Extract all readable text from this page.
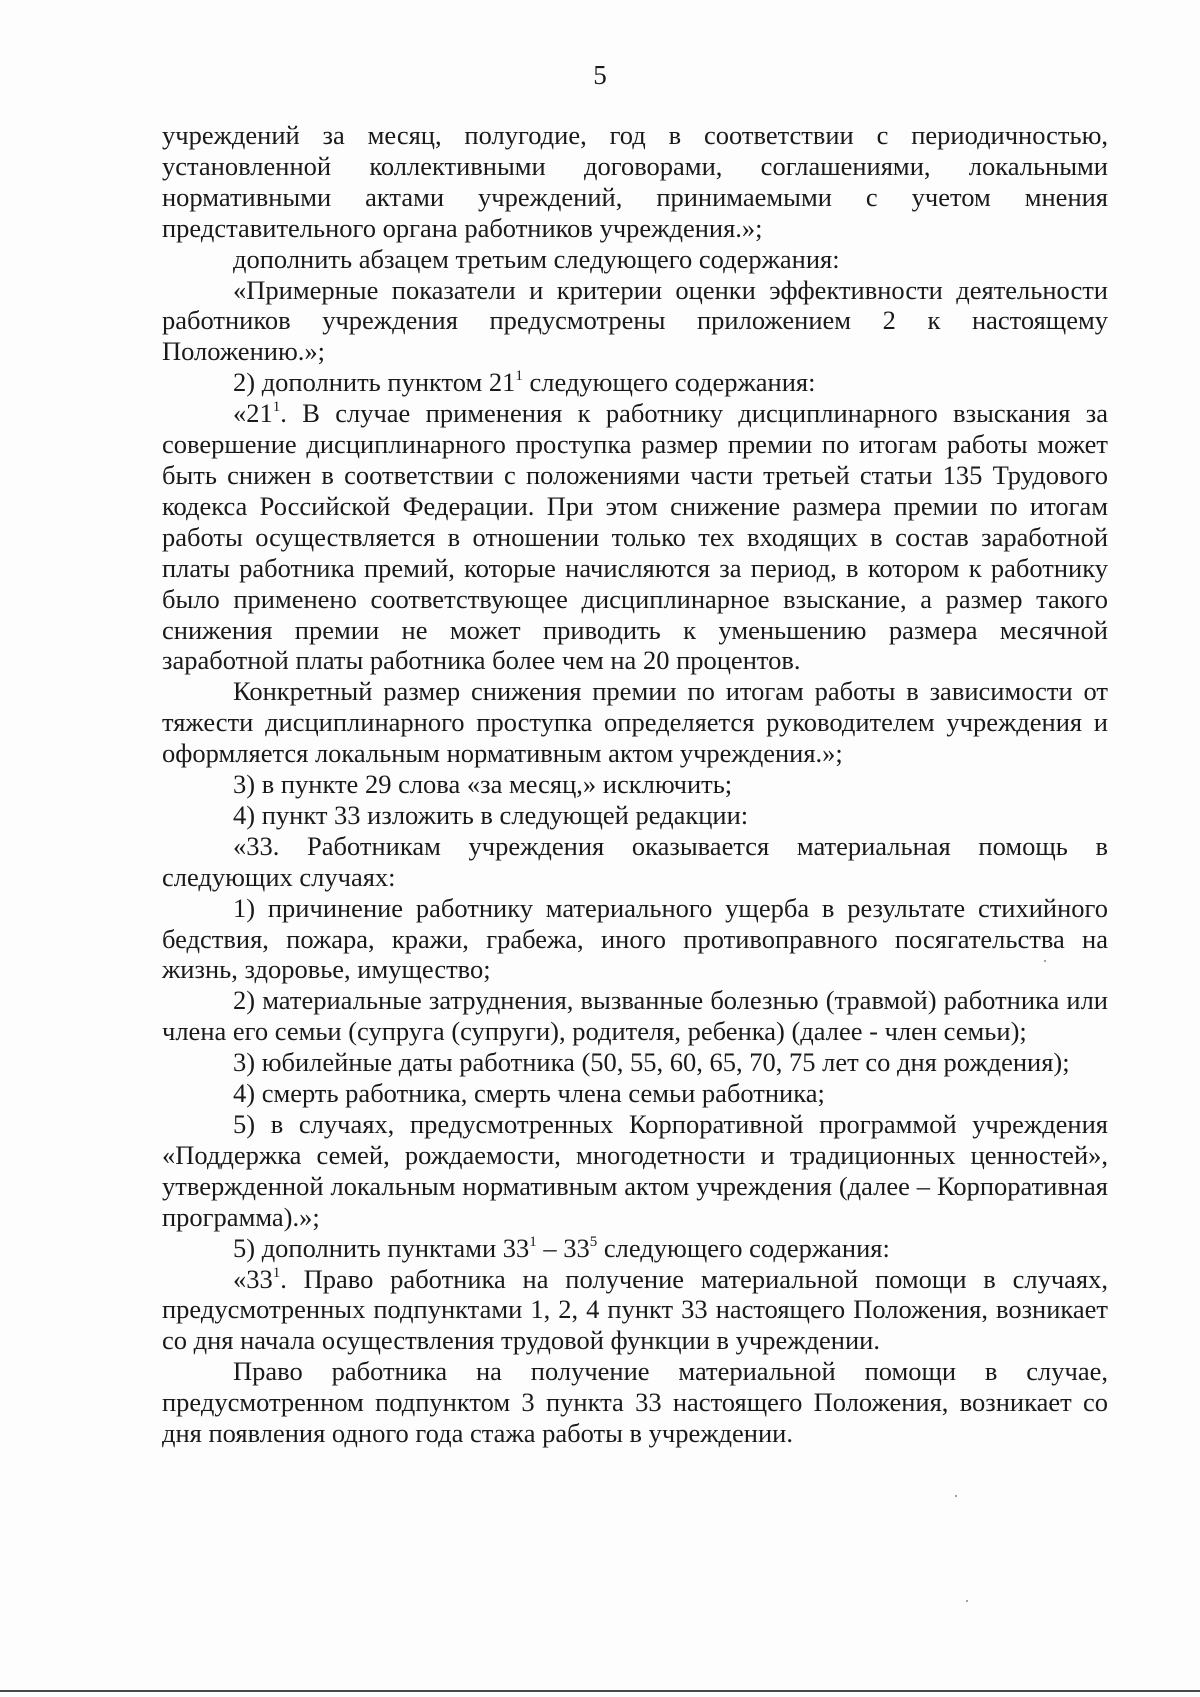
5

учреждений за месяц, полугодие, год в соответствии с периодичностью, установленной коллективными договорами, соглашениями, локальными нормативными актами учреждений, принимаемыми с учетом мнения представительного органа работников учреждения.»;

дополнить абзацем третьим следующего содержания:

«Примерные показатели и критерии оценки эффективности деятельности работников учреждения предусмотрены приложением 2 к настоящему Положению.»;

2) дополнить пунктом $21^1$ следующего содержания:

«$21^1$. В случае применения к работнику дисциплинарного взыскания за совершение дисциплинарного проступка размер премии по итогам работы может быть снижен в соответствии с положениями части третьей статьи 135 Трудового кодекса Российской Федерации. При этом снижение размера премии по итогам работы осуществляется в отношении только тех входящих в состав заработной платы работника премий, которые начисляются за период, в котором к работнику было применено соответствующее дисциплинарное взыскание, а размер такого снижения премии не может приводить к уменьшению размера месячной заработной платы работника более чем на 20 процентов.

Конкретный размер снижения премии по итогам работы в зависимости от тяжести дисциплинарного проступка определяется руководителем учреждения и оформляется локальным нормативным актом учреждения.»;

3) в пункте 29 слова «за месяц,» исключить;

4) пункт 33 изложить в следующей редакции:

«33. Работникам учреждения оказывается материальная помощь в следующих случаях:

1) причинение работнику материального ущерба в результате стихийного бедствия, пожара, кражи, грабежа, иного противоправного посягательства на жизнь, здоровье, имущество;

2) материальные затруднения, вызванные болезнью (травмой) работника или члена его семьи (супруга (супруги), родителя, ребенка) (далее - член семьи);

3) юбилейные даты работника (50, 55, 60, 65, 70, 75 лет со дня рождения);

4) смерть работника, смерть члена семьи работника;

5) в случаях, предусмотренных Корпоративной программой учреждения «Поддержка семей, рождаемости, многодетности и традиционных ценностей», утвержденной локальным нормативным актом учреждения (далее – Корпоративная программа).»;

5) дополнить пунктами $33^1 - 33^5$ следующего содержания:

«$33^1$. Право работника на получение материальной помощи в случаях, предусмотренных подпунктами 1, 2, 4 пункт 33 настоящего Положения, возникает со дня начала осуществления трудовой функции в учреждении.

Право работника на получение материальной помощи в случае, предусмотренном подпунктом 3 пункта 33 настоящего Положения, возникает со дня появления одного года стажа работы в учреждении.
